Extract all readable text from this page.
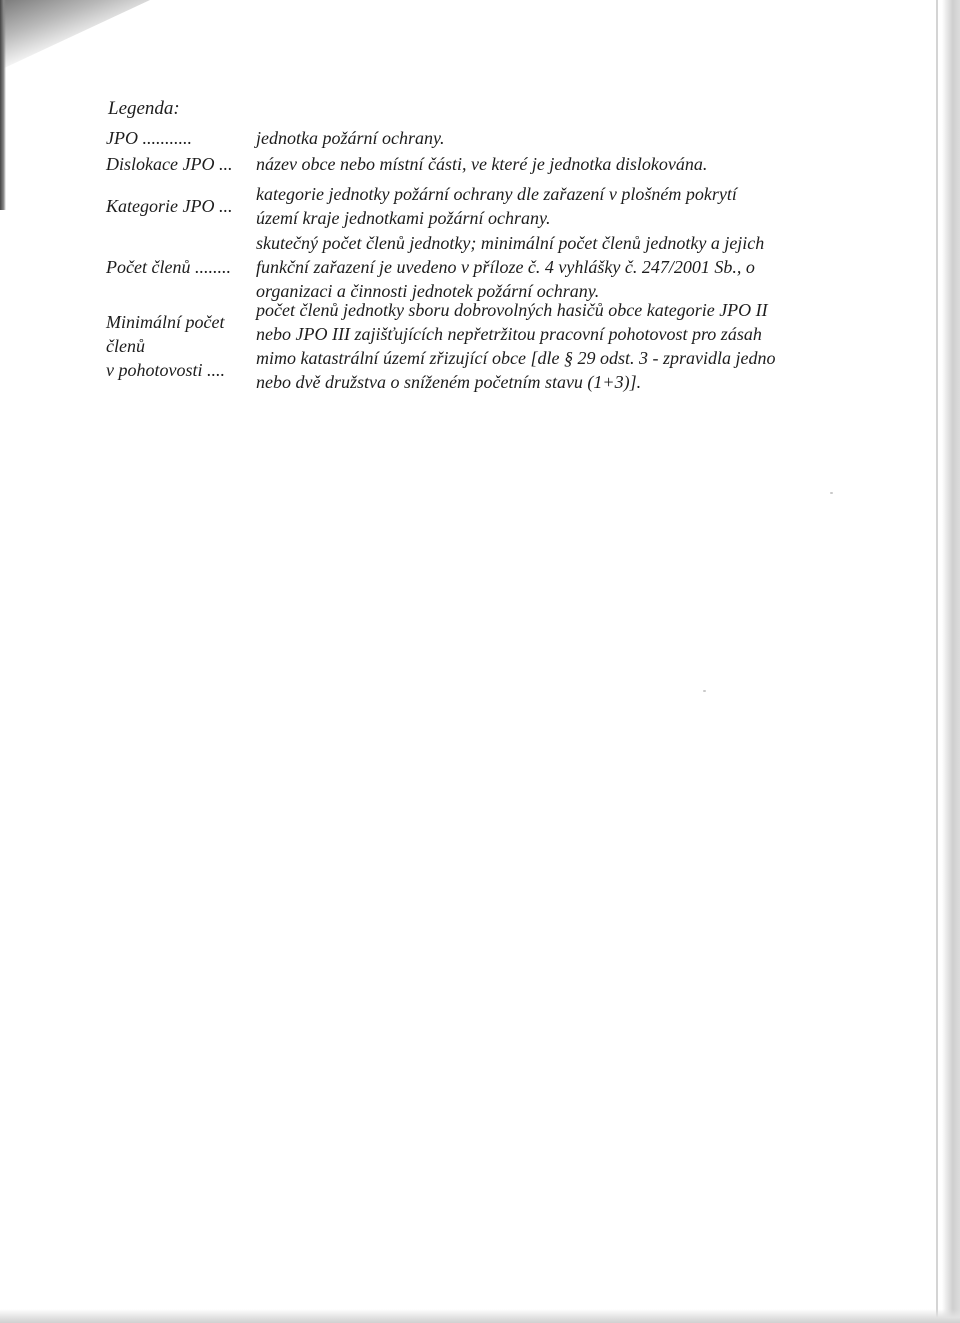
Legenda:
JPO ...........	jednotka požární ochrany.
Dislokace JPO ...	název obce nebo místní části, ve které je jednotka dislokována.
Kategorie JPO ...
kategorie jednotky požární ochrany dle zařazení v plošném pokrytí
území kraje jednotkami požární ochrany.
Počet členů ........
skutečný počet členů jednotky; minimální počet členů jednotky a jejich
funkční zařazení je uvedeno v příloze č. 4 vyhlášky č. 247/2001 Sb., o
organizaci a činnosti jednotek požární ochrany.
Minimální počet
členů
v pohotovosti ....
počet členů jednotky sboru dobrovolných hasičů obce kategorie JPO II
nebo JPO III zajišťujících nepřetržitou pracovní pohotovost pro zásah
mimo katastrální území zřizující obce [dle § 29 odst. 3 - zpravidla jedno
nebo dvě družstva o sníženém početním stavu (1+3)].
